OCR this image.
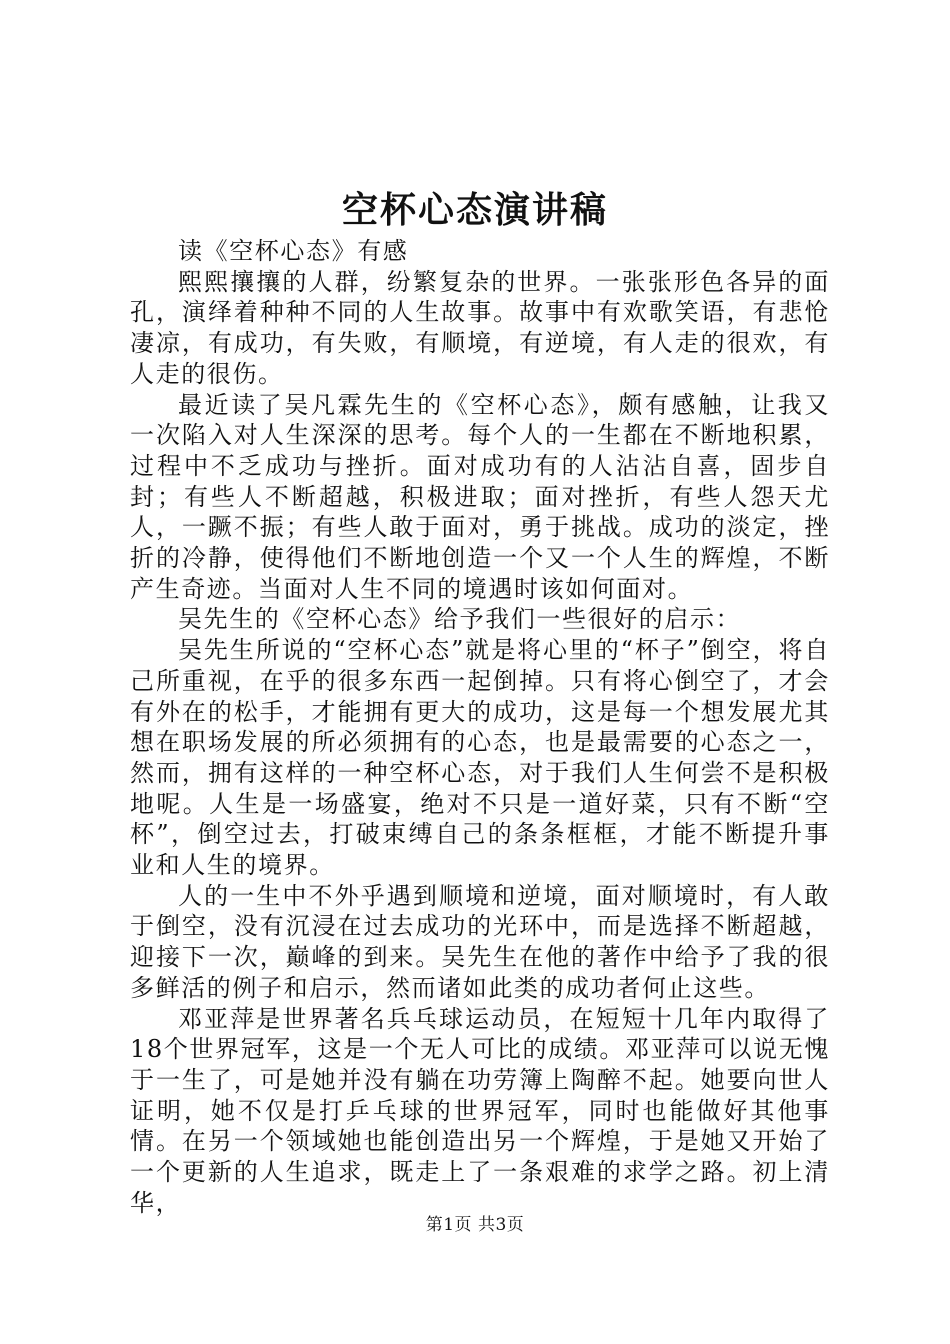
空杯心态演讲稿

读《空杯心态》有感

熙熙攘攘的人群，纷繁复杂的世界。一张张形色各异的面孔，演绎着种种不同的人生故事。故事中有欢歌笑语，有悲怆凄凉，有成功，有失败，有顺境，有逆境，有人走的很欢，有人走的很伤。

最近读了吴凡霖先生的《空杯心态》，颇有感触，让我又一次陷入对人生深深的思考。每个人的一生都在不断地积累，过程中不乏成功与挫折。面对成功有的人沾沾自喜，固步自封；有些人不断超越，积极进取；面对挫折，有些人怨天尤人，一蹶不振；有些人敢于面对，勇于挑战。成功的淡定，挫折的冷静，使得他们不断地创造一个又一个人生的辉煌，不断产生奇迹。当面对人生不同的境遇时该如何面对。

吴先生的《空杯心态》给予我们一些很好的启示：

吴先生所说的“空杯心态”就是将心里的“杯子”倒空，将自己所重视，在乎的很多东西一起倒掉。只有将心倒空了，才会有外在的松手，才能拥有更大的成功，这是每一个想发展尤其想在职场发展的所必须拥有的心态，也是最需要的心态之一，然而，拥有这样的一种空杯心态，对于我们人生何尝不是积极地呢。人生是一场盛宴，绝对不只是一道好菜，只有不断“空杯”，倒空过去，打破束缚自己的条条框框，才能不断提升事业和人生的境界。

人的一生中不外乎遇到顺境和逆境，面对顺境时，有人敢于倒空，没有沉浸在过去成功的光环中，而是选择不断超越，迎接下一次，巅峰的到来。吴先生在他的著作中给予了我的很多鲜活的例子和启示，然而诸如此类的成功者何止这些。

邓亚萍是世界著名兵乓球运动员，在短短十几年内取得了18个世界冠军，这是一个无人可比的成绩。邓亚萍可以说无愧于一生了，可是她并没有躺在功劳簿上陶醉不起。她要向世人证明，她不仅是打乒乓球的世界冠军，同时也能做好其他事情。在另一个领域她也能创造出另一个辉煌，于是她又开始了一个更新的人生追求，既走上了一条艰难的求学之路。初上清华，

第1页 共3页
